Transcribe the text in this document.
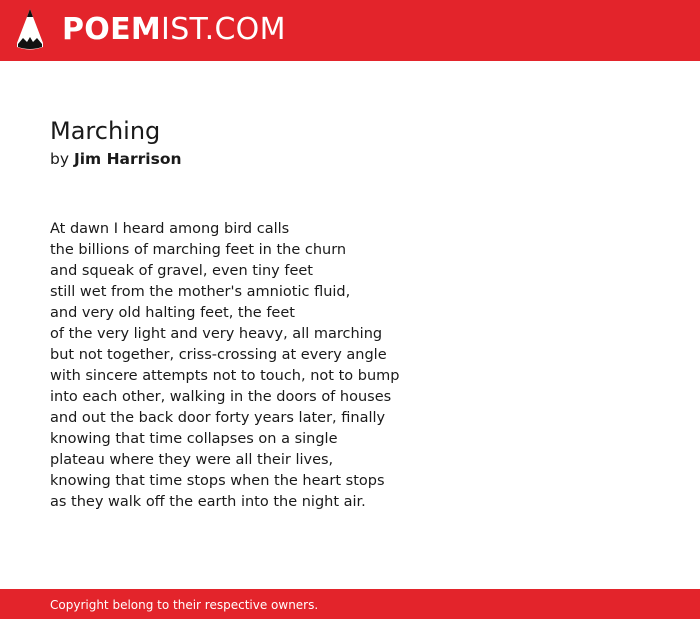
POEMIST.COM
Marching
by Jim Harrison
At dawn I heard among bird calls
the billions of marching feet in the churn
and squeak of gravel, even tiny feet
still wet from the mother's amniotic fluid,
and very old halting feet, the feet
of the very light and very heavy, all marching
but not together, criss-crossing at every angle
with sincere attempts not to touch, not to bump
into each other, walking in the doors of houses
and out the back door forty years later, finally
knowing that time collapses on a single
plateau where they were all their lives,
knowing that time stops when the heart stops
as they walk off the earth into the night air.
Copyright belong to their respective owners.
